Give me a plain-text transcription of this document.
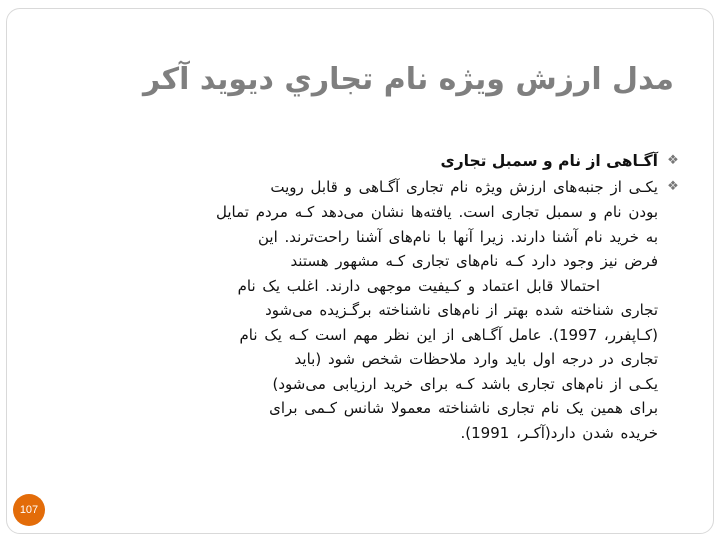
مدل ارزش ویژه نام تجاري ديويد آكر
❖
آگـاهی از نام و سمبل تجاری
❖
یکـی از جنبه‌های ارزش ویژه نام تجاری آگـاهی و قابل رویت
بودن نام و سمبل تجاری است. یافته‌ها نشان می‌دهد کـه مردم تمایل
به خرید نام آشنا دارند. زیرا آنها با نام‌های آشنا راحت‌ترند. این
فرض نیز وجود دارد کـه نام‌های تجاری کـه مشهور هستند
احتمالا قابل اعتماد و کـیفیت موجهی دارند. اغلب یک نام
تجاری شناخته شده بهتر از نام‌های ناشناخته برگـزیده می‌شود
(کـاپفرر، 1997). عامل آگـاهی از این نظر مهم است کـه یک نام
تجاری در درجه اول باید وارد ملاحظات شخص شود (باید
یکـی از نام‌های تجاری باشد کـه برای خرید ارزیابی می‌شود)
برای همین یک نام تجاری ناشناخته معمولا شانس کـمی برای
خریده شدن دارد(آکـر، 1991).
107
